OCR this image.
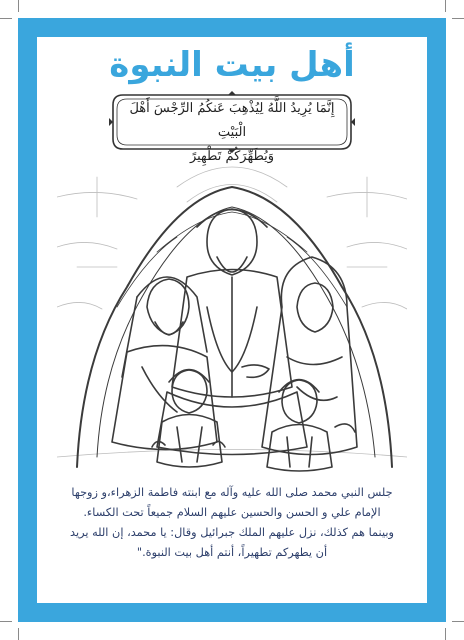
أهل بيت النبوة
إِنَّمَا يُرِيدُ اللَّهُ لِيُذْهِبَ عَنكُمُ الرِّجْسَ أَهْلَ الْبَيْتِ
وَيُطَهِّرَكُمْ تَطْهِيرً
جلس النبي محمد صلى الله عليه وآله مع ابنته فاطمة الزهراء،و زوجها
الإمام علي و الحسن والحسين عليهم السلام جميعاً تحت الكساء.
وبينما هم كذلك، نزل عليهم الملك جبرائيل وقال: يا محمد، إن الله يريد
أن يطهركم تطهيراً، أنتم أهل بيت النبوة."
